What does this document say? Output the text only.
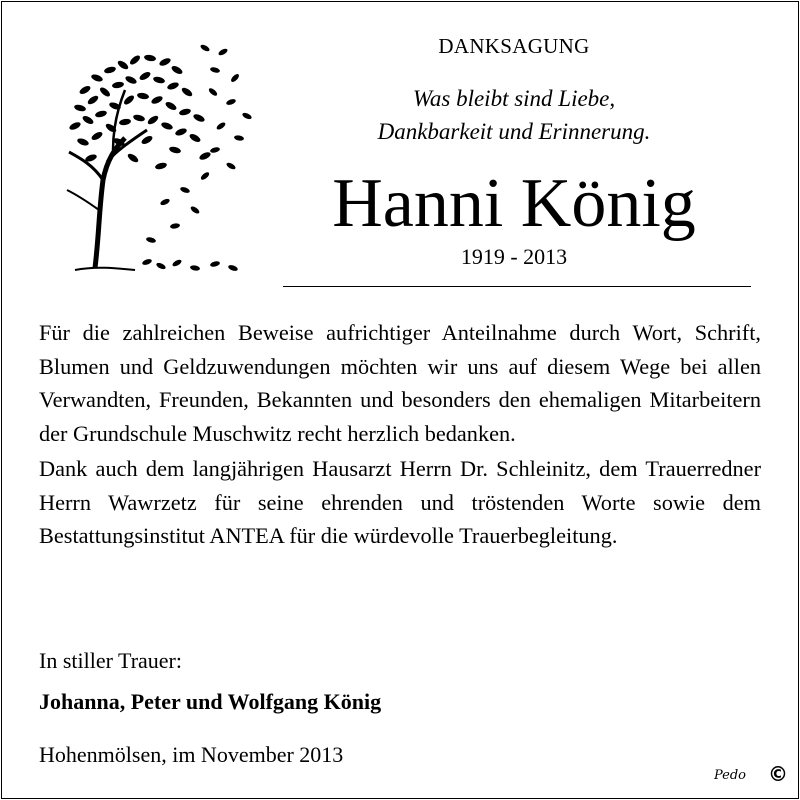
DANKSAGUNG
Was bleibt sind Liebe,
Dankbarkeit und Erinnerung.
Hanni König
1919 - 2013

Für die zahlreichen Beweise aufrichtiger Anteilnahme durch Wort, Schrift, Blumen und Geldzuwendungen möchten wir uns auf diesem Wege bei allen Verwandten, Freunden, Bekannten und besonders den ehemaligen Mitarbeitern der Grundschule Muschwitz recht herzlich bedanken.

Dank auch dem langjährigen Hausarzt Herrn Dr. Schleinitz, dem Trauerredner Herrn Wawrzetz für seine ehrenden und tröstenden Worte sowie dem Bestattungsinstitut ANTEA für die würdevolle Trauerbegleitung.

In stiller Trauer:
Johanna, Peter und Wolfgang König
Hohenmölsen, im November 2013
Pedo ©
